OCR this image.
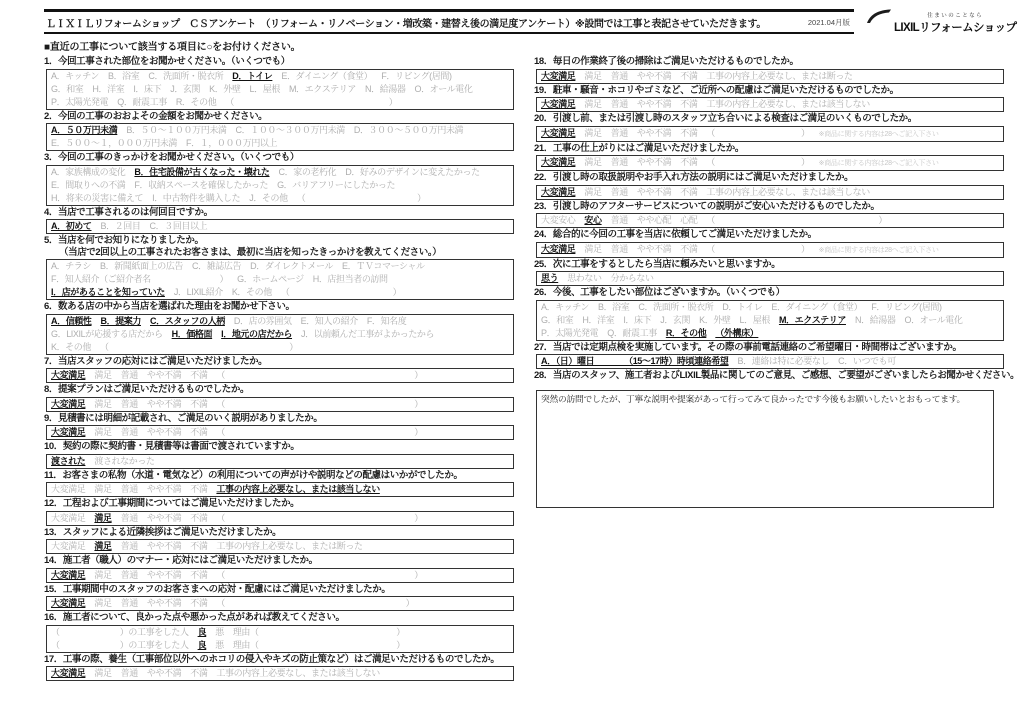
ＬＩＸＩＬリフォームショップ　ＣＳアンケート　（リフォーム・リノベーション・増改築・建替え後の満足度アンケート）※設問では工事と表記させていただきます。	2021.04月版
住まいのことなら
LIXILリフォームショップ
■直近の工事について該当する項目に○をお付けください。
1．今回工事された部位をお聞かせください。（いくつでも）
A．キッチン B．浴室 C．洗面所・脱衣所 D．トイレ E．ダイニング（食堂） F．リビング(居間)
G．和室 H．洋室 I．床下 J．玄関 K．外壁 L．屋根 M．エクステリア N．給湯器 O．オール電化
P．太陽光発電 Q．耐震工事 R．その他 （　　　　　　　　　　　　　　　　　　）
2．今回の工事のおおよその金額をお聞かせください。
A．５０万円未満 B．５０～１００万円未満 C．１００～３００万円未満 D．３００～５００万円未満
E．５００～１，０００万円未満 F．１，０００万円以上
3．今回の工事のきっかけをお聞かせください。（いくつでも）
A．家族構成の変化 B．住宅設備が古くなった・壊れた C．家の老朽化 D．好みのデザインに変えたかった
E．間取りへの不満 F．収納スペースを確保したかった G．バリアフリーにしたかった
H．将来の災害に備えて I．中古物件を購入した J．その他 （　　　　　　　　　　　　　）
4．当店で工事されるのは何回目ですか。
A．初めて B．２回目 C．３回目以上
5．当店を何でお知りになりましたか。
（当店で2回以上の工事されたお客さまは、最初に当店を知ったきっかけを教えてください。）
A．チラシ B．新聞紙面上の広告 C．雑誌広告 D．ダイレクトメール E．ＴＶコマーシャル
F．知人紹介（ご紹介者名　　　　　　　　） G．ホームページ H．店担当者の訪問
I．店があることを知っていた J．LIXIL紹介 K．その他 （　　　　　　　　　　　　）
6．数ある店の中から当店を選ばれた理由をお聞かせ下さい。
A．信頼性 B．提案力 C．スタッフの人柄 D．店の雰囲気 E．知人の紹介 F．知名度
G．LIXILが応援する店だから H．価格面 I．地元の店だから J．以前頼んだ工事がよかったから
K．その他 （　　　　　　　　　　　　　　　　　　　　　）
7．当店スタッフの応対にはご満足いただけましたか。
大変満足 満足 普通 やや不満 不満 （　　　　　　　　　　　　　　　　　　　　　　）
8．提案プランはご満足いただけるものでしたか。
大変満足 満足 普通 やや不満 不満 （　　　　　　　　　　　　　　　　　　　　　　）
9．見積書には明細が記載され、ご満足のいく説明がありましたか。
大変満足 満足 普通 やや不満 不満 （　　　　　　　　　　　　　　　　　　　　　　）
10．契約の際に契約書・見積書等は書面で渡されていますか。
渡された 渡されなかった
11．お客さまの私物（水道・電気など）の利用についての声がけや説明などの配慮はいかがでしたか。
大変満足 満足 普通 やや不満 不満 工事の内容上必要なし、または該当しない
12．工程および工事期間についてはご満足いただけましたか。
大変満足 満足 普通 やや不満 不満 （　　　　　　　　　　　　　　　　　　　　　　）
13．スタッフによる近隣挨拶はご満足いただけましたか。
大変満足 満足 普通 やや不満 不満 工事の内容上必要なし、または断った
14．施工者（職人）のマナー・応対にはご満足いただけましたか。
大変満足 満足 普通 やや不満 不満 （　　　　　　　　　　　　　　　　　　　　　　）
15．工事期間中のスタッフのお客さまへの応対・配慮にはご満足いただけましたか。
大変満足 満足 普通 やや不満 不満 （　　　　　　　　　　　　　　　　　　　　　）
16．施工者について、良かった点や悪かった点があれば教えてください。
（　　　　　　　）の工事をした人 良 悪 理由（　　　　　　　　　　　　　　　　）
（　　　　　　　）の工事をした人 良 悪 理由（　　　　　　　　　　　　　　　　）
17．工事の際、養生（工事部位以外へのホコリの侵入やキズの防止策など）はご満足いただけるものでしたか。
大変満足 満足 普通 やや不満 不満 工事の内容上必要なし、または該当しない
18．毎日の作業終了後の掃除はご満足いただけるものでしたか。
大変満足 満足 普通 やや不満 不満 工事の内容上必要なし、または断った
19．駐車・騒音・ホコリやゴミなど、ご近所への配慮はご満足いただけるものでしたか。
大変満足 満足 普通 やや不満 不満 工事の内容上必要なし、または該当しない
20．引渡し前、または引渡し時のスタッフ立ち合いによる検査はご満足のいくものでしたか。
大変満足 満足 普通 やや不満 不満 （　　　　　　　　　　） ※商品に関する内容は28へご記入下さい
21．工事の仕上がりにはご満足いただけましたか。
大変満足 満足 普通 やや不満 不満 （　　　　　　　　　　） ※商品に関する内容は28へご記入下さい
22．引渡し時の取扱説明やお手入れ方法の説明にはご満足いただけましたか。
大変満足 満足 普通 やや不満 不満 工事の内容上必要なし、または該当しない
23．引渡し時のアフターサービスについての説明がご安心いただけるものでしたか。
大変安心 安心 普通 やや心配 心配 （　　　　　　　　　　　　　　　　　　　）
24．総合的に今回の工事を当店に依頼してご満足いただけましたか。
大変満足 満足 普通 やや不満 不満 （　　　　　　　　　　） ※商品に関する内容は28へご記入下さい
25．次に工事をするとしたら当店に頼みたいと思いますか。
思う 思わない 分からない
26．今後、工事をしたい部位はございますか。（いくつでも）
A．キッチン B．浴室 C．洗面所・脱衣所 D．トイレ E．ダイニング（食堂） F．リビング(居間)
G．和室 H．洋室 I．床下 J．玄関 K．外壁 L．屋根 M．エクステリア N．給湯器 O．オール電化
P．太陽光発電 Q．耐震工事 R．その他 （外構床）
27．当店では定期点検を実施しています。その際の事前電話連絡のご希望曜日・時間帯はございますか。
A．（日）曜日　　　　（15～17時）時頃連絡希望 B．連絡は特に必要なし C．いつでも可
28．当店のスタッフ、施工者およびLIXIL製品に関してのご意見、ご感想、ご要望がございましたらお聞かせください。
突然の訪問でしたが、丁寧な説明や提案があって行ってみて良かったです今後もお願いしたいとおもってます。
